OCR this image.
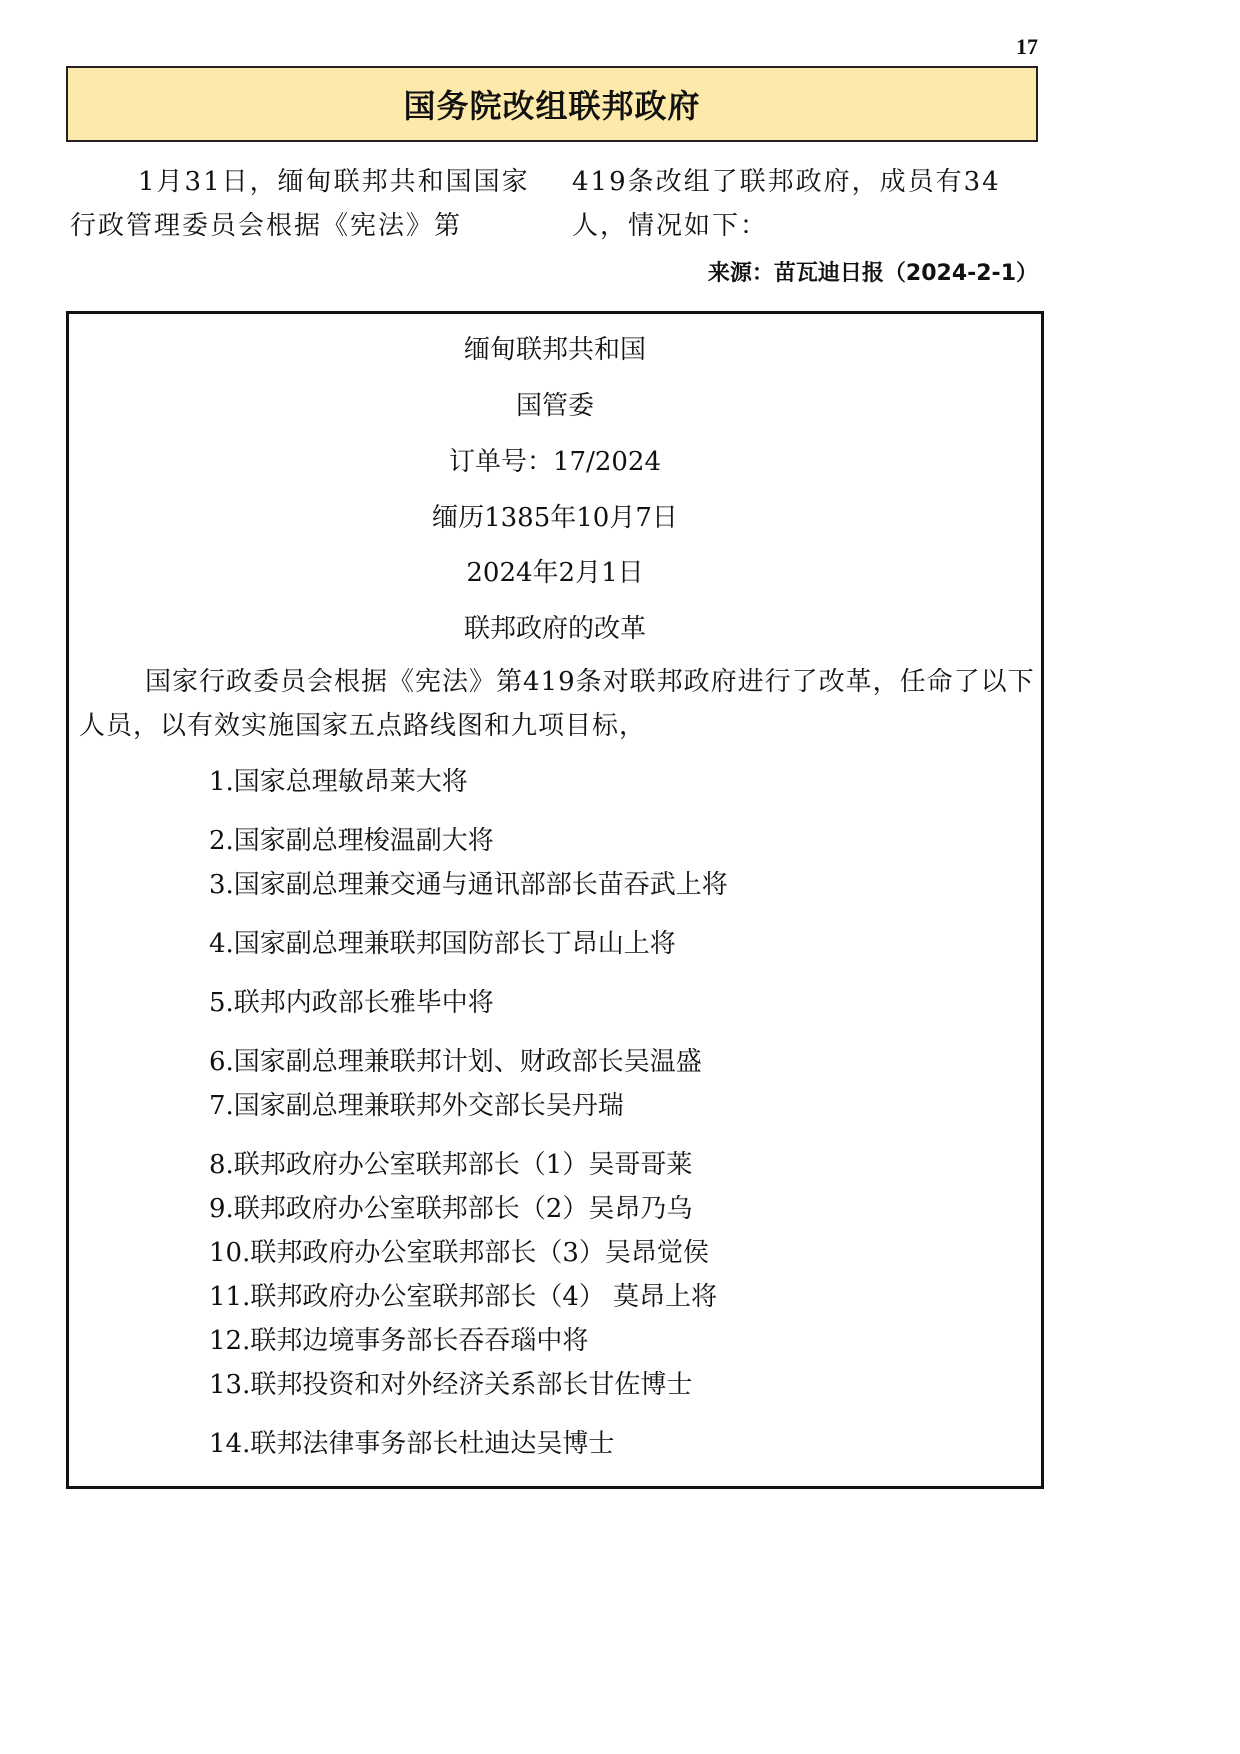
17
国务院改组联邦政府
1月31日，缅甸联邦共和国国家行政管理委员会根据《宪法》第
419条改组了联邦政府，成员有34人，情况如下：
来源：苗瓦迪日报（2024-2-1）
缅甸联邦共和国
国管委
订单号：17/2024
缅历1385年10月7日
2024年2月1日
联邦政府的改革
国家行政委员会根据《宪法》第419条对联邦政府进行了改革，任命了以下人员，以有效实施国家五点路线图和九项目标，
1.国家总理敏昂莱大将
2.国家副总理梭温副大将
3.国家副总理兼交通与通讯部部长苗吞武上将
4.国家副总理兼联邦国防部长丁昂山上将
5.联邦内政部长雅毕中将
6.国家副总理兼联邦计划、财政部长吴温盛
7.国家副总理兼联邦外交部长吴丹瑞
8.联邦政府办公室联邦部长（1）吴哥哥莱
9.联邦政府办公室联邦部长（2）吴昂乃乌
10.联邦政府办公室联邦部长（3）吴昂觉侯
11.联邦政府办公室联邦部长（4） 莫昂上将
12.联邦边境事务部长吞吞瑙中将
13.联邦投资和对外经济关系部长甘佐博士
14.联邦法律事务部长杜迪达吴博士
